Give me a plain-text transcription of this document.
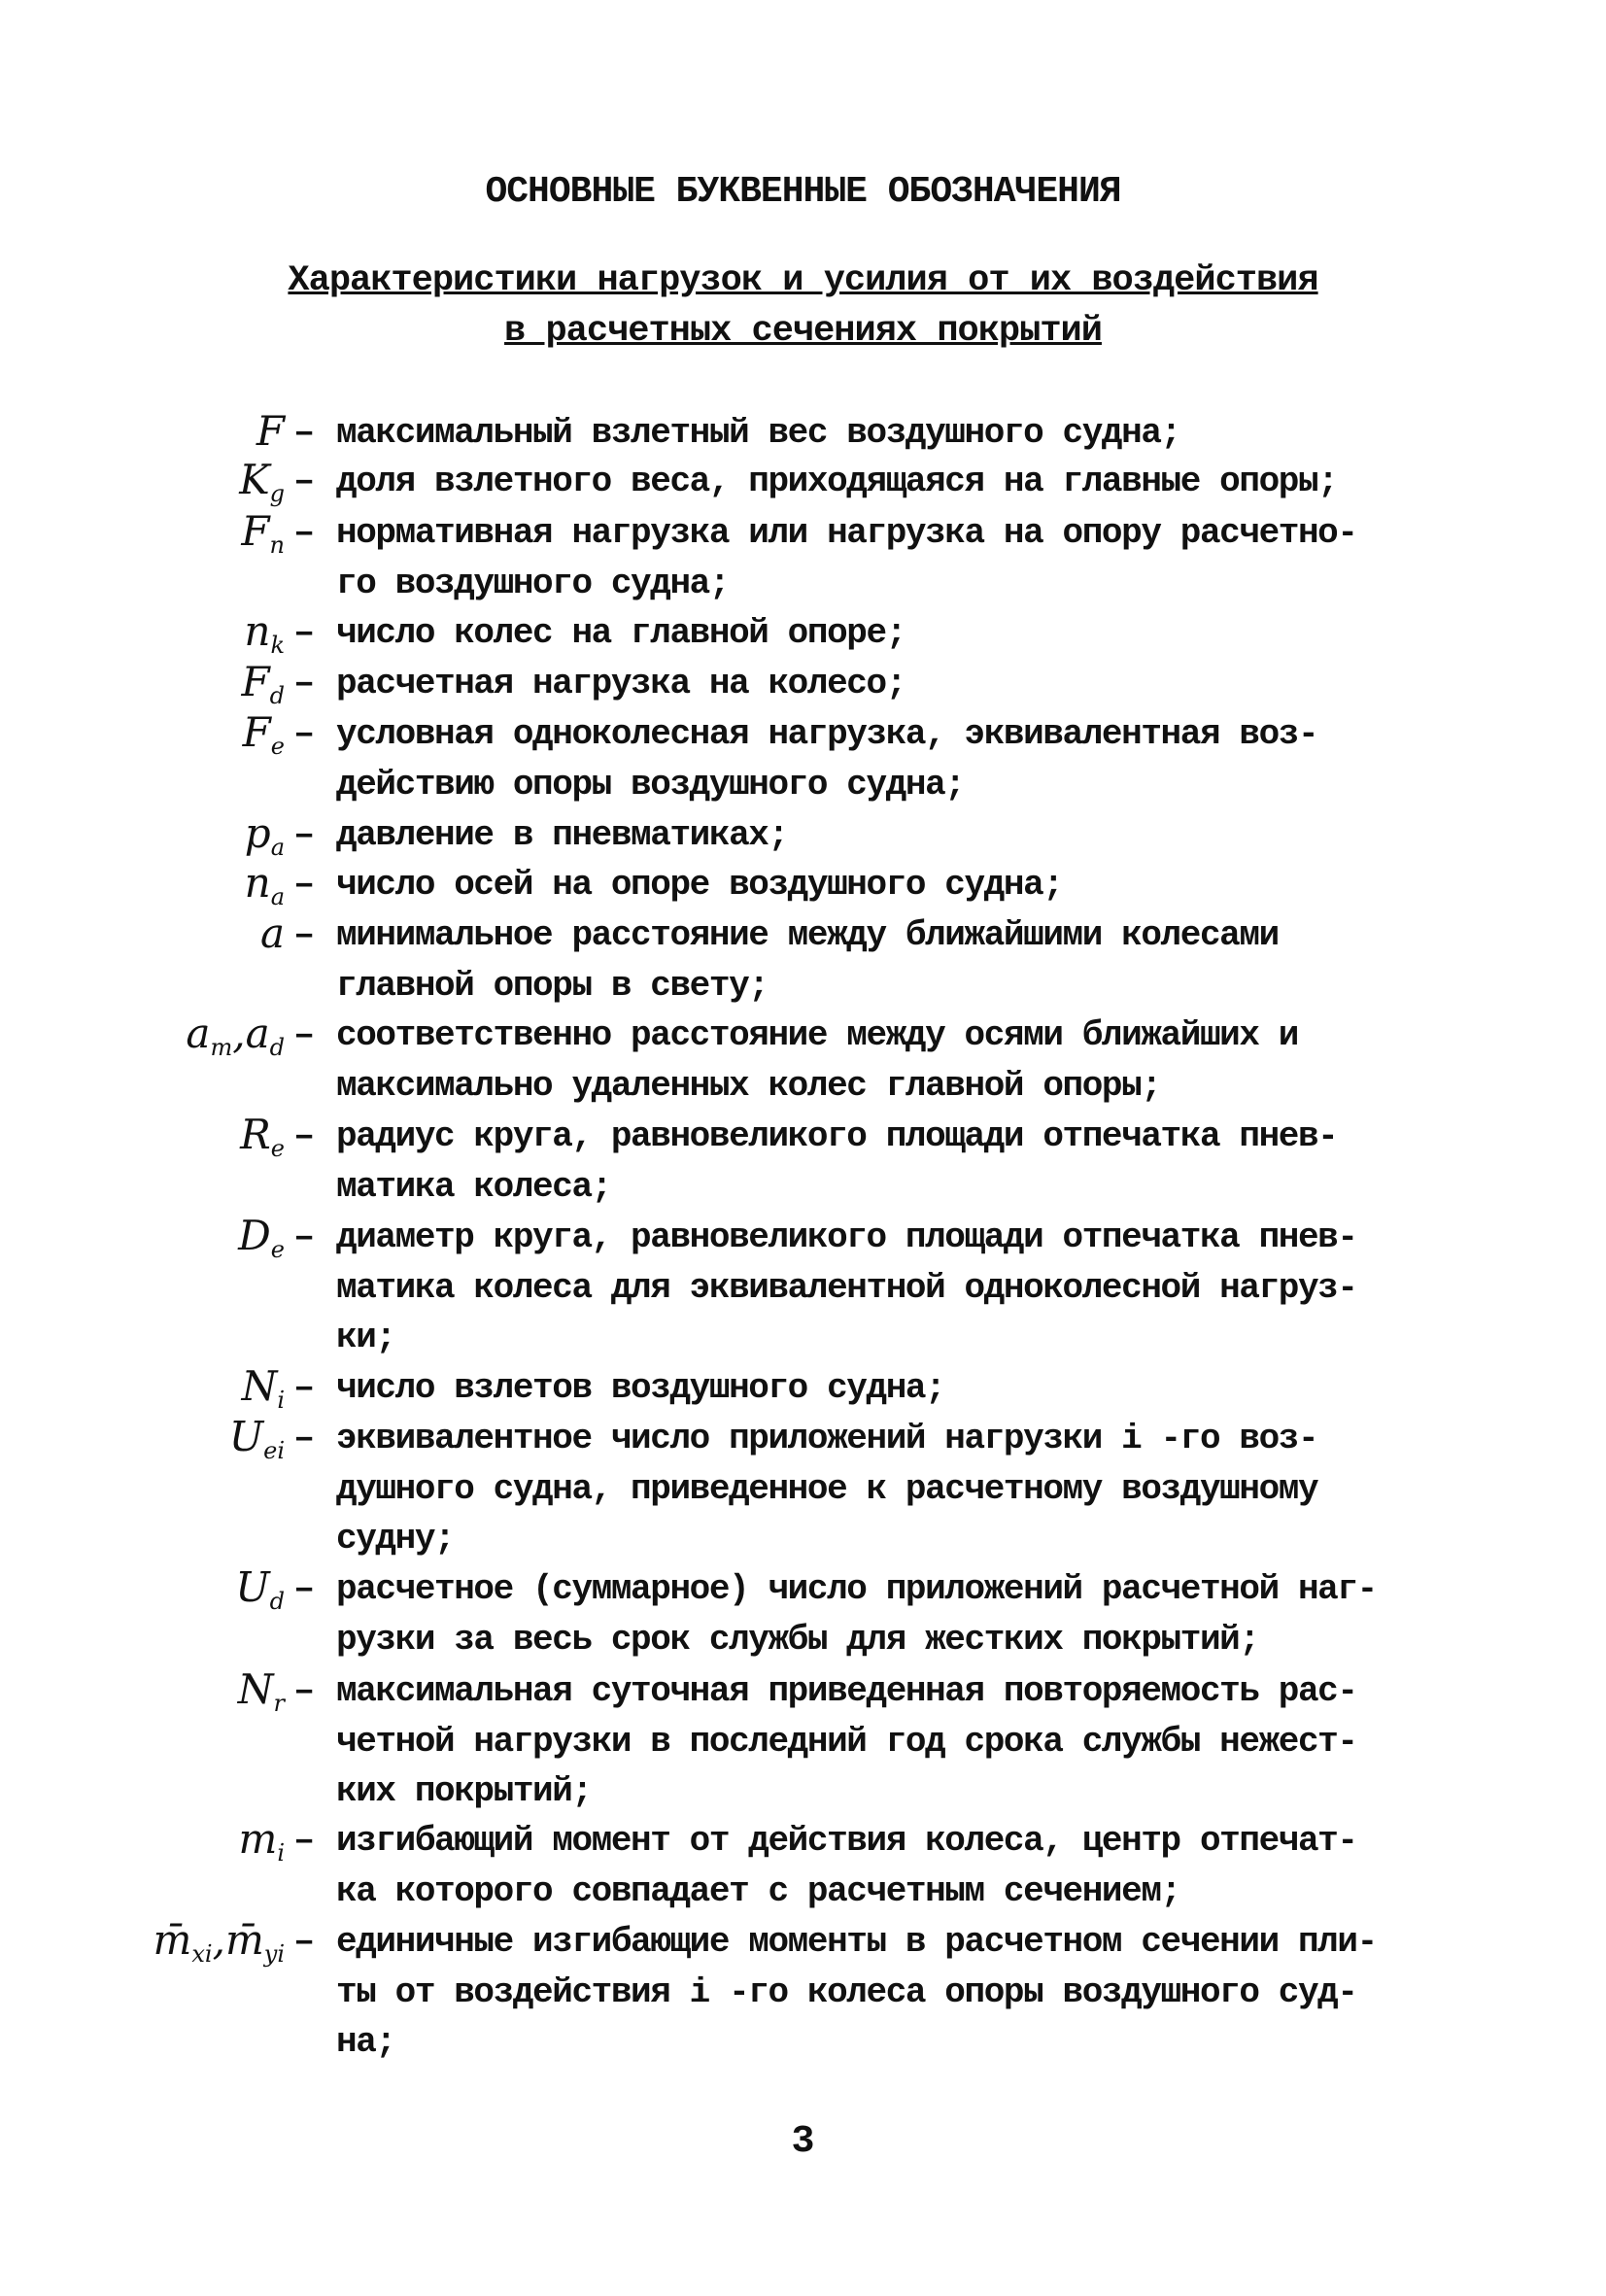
ОСНОВНЫЕ БУКВЕННЫЕ ОБОЗНАЧЕНИЯ
Характеристики нагрузок и усилия от их воздействия
в расчетных сечениях покрытий
F – максимальный взлетный вес воздушного судна;
$K_g$ – доля взлетного веса, приходящаяся на главные опоры;
$F_n$ – нормативная нагрузка или нагрузка на опору расчетно-
го воздушного судна;
$n_k$ – число колес на главной опоре;
$F_d$ – расчетная нагрузка на колесо;
$F_e$ – условная одноколесная нагрузка, эквивалентная воз-
действию опоры воздушного судна;
$p_a$ – давление в пневматиках;
$n_a$ – число осей на опоре воздушного судна;
a – минимальное расстояние между ближайшими колесами
главной опоры в свету;
$a_т,a_d$ – соответственно расстояние между осями ближайших и
максимально удаленных колес главной опоры;
$R_e$ – радиус круга, равновеликого площади отпечатка пнев-
матика колеса;
$D_e$ – диаметр круга, равновеликого площади отпечатка пнев-
матика колеса для эквивалентной одноколесной нагруз-
ки;
$N_i$ – число взлетов воздушного судна;
$U_{ei}$ – эквивалентное число приложений нагрузки i -го воз-
душного судна, приведенное к расчетному воздушному
судну;
$U_d$ – расчетное (суммарное) число приложений расчетной наг-
рузки за весь срок службы для жестких покрытий;
$N_r$ – максимальная суточная приведенная повторяемость рас-
четной нагрузки в последний год срока службы нежест-
ких покрытий;
$m_i$ – изгибающий момент от действия колеса, центр отпечат-
ка которого совпадает с расчетным сечением;
$m̄_{xi},m̄_{yi}$ – единичные изгибающие моменты в расчетном сечении пли-
ты от воздействия i -го колеса опоры воздушного суд-
на;
3
